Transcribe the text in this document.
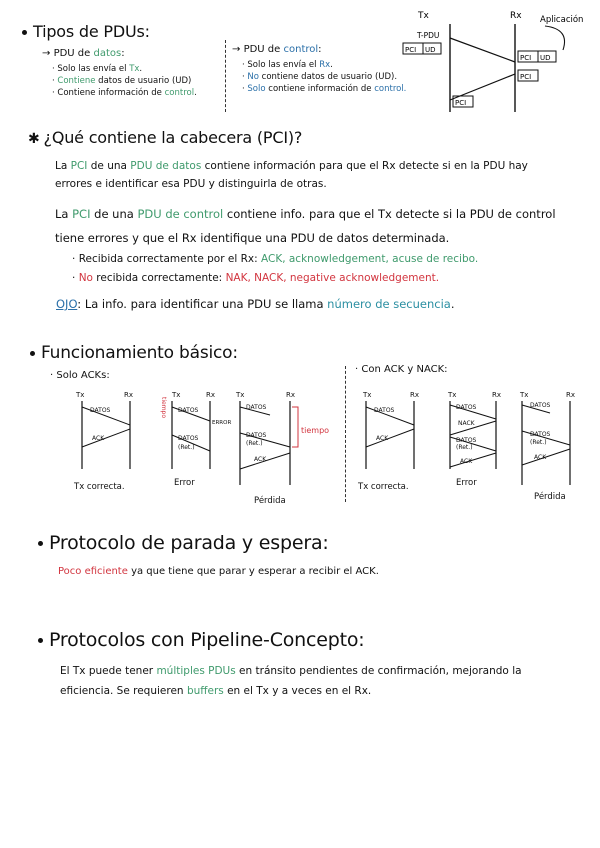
Tipos de PDUs:
→ PDU de datos:
· Solo las envía el Tx.
· Contiene datos de usuario (UD)
· Contiene información de control.
→ PDU de control:
· Solo las envía el Rx.
· No contiene datos de usuario (UD).
· Solo contiene información de control.
Tx	Rx Aplicación
T-PDU
PCI UD
PCI UD
PCI
PCI
✱ ¿Qué contiene la cabecera (PCI)?
La PCI de una PDU de datos contiene información para que el Rx detecte si en la PDU hay errores e identificar esa PDU y distinguirla de otras.
La PCI de una PDU de control contiene info. para que el Tx detecte si la PDU de control tiene errores y que el Rx identifique una PDU de datos determinada.
· Recibida correctamente por el Rx: ACK, acknowledgement, acuse de recibo.
· No recibida correctamente: NAK, NACK, negative acknowledgement.
OJO: La info. para identificar una PDU se llama número de secuencia.
Funcionamiento básico:
· Solo ACKs:
· Con ACK y NACK:
Tx	Rx
DATOS
ACK
Tx correcta.
tiempo
Tx	Rx
DATOS
ERROR
DATOS
(Ret.)
Error
Tx	Rx
DATOS
DATOS
(Ret.)
ACK
tiempo
Pérdida
Tx	Rx
DATOS
ACK
Tx correcta.
Tx	Rx
DATOS
NACK
DATOS
(Ret.)
ACK
Error
Tx	Rx
DATOS
DATOS
(Ret.)
ACK
Pérdida
Protocolo de parada y espera:
Poco eficiente ya que tiene que parar y esperar a recibir el ACK.
Protocolos con Pipeline-Concepto:
El Tx puede tener múltiples PDUs en tránsito pendientes de confirmación, mejorando la eficiencia. Se requieren buffers en el Tx y a veces en el Rx.
